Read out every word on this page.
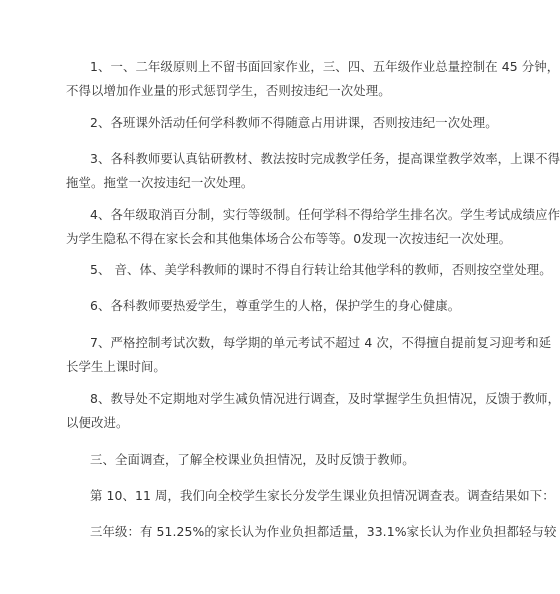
1、一、二年级原则上不留书面回家作业，三、四、五年级作业总量控制在 45 分钟，
不得以增加作业量的形式惩罚学生，否则按违纪一次处理。

2、各班课外活动任何学科教师不得随意占用讲课，否则按违纪一次处理。

3、各科教师要认真钻研教材、教法按时完成教学任务，提高课堂教学效率，上课不得
拖堂。拖堂一次按违纪一次处理。

4、各年级取消百分制，实行等级制。任何学科不得给学生排名次。学生考试成绩应作
为学生隐私不得在家长会和其他集体场合公布等等。0发现一次按违纪一次处理。

5、 音、体、美学科教师的课时不得自行转让给其他学科的教师，否则按空堂处理。

6、各科教师要热爱学生，尊重学生的人格，保护学生的身心健康。

7、严格控制考试次数，每学期的单元考试不超过 4 次，不得擅自提前复习迎考和延
长学生上课时间。

8、教导处不定期地对学生减负情况进行调查，及时掌握学生负担情况，反馈于教师，
以便改进。

三、全面调查，了解全校课业负担情况，及时反馈于教师。

第 10、11 周，我们向全校学生家长分发学生课业负担情况调查表。调查结果如下：

三年级：有 51.25%的家长认为作业负担都适量，33.1%家长认为作业负担都轻与较
